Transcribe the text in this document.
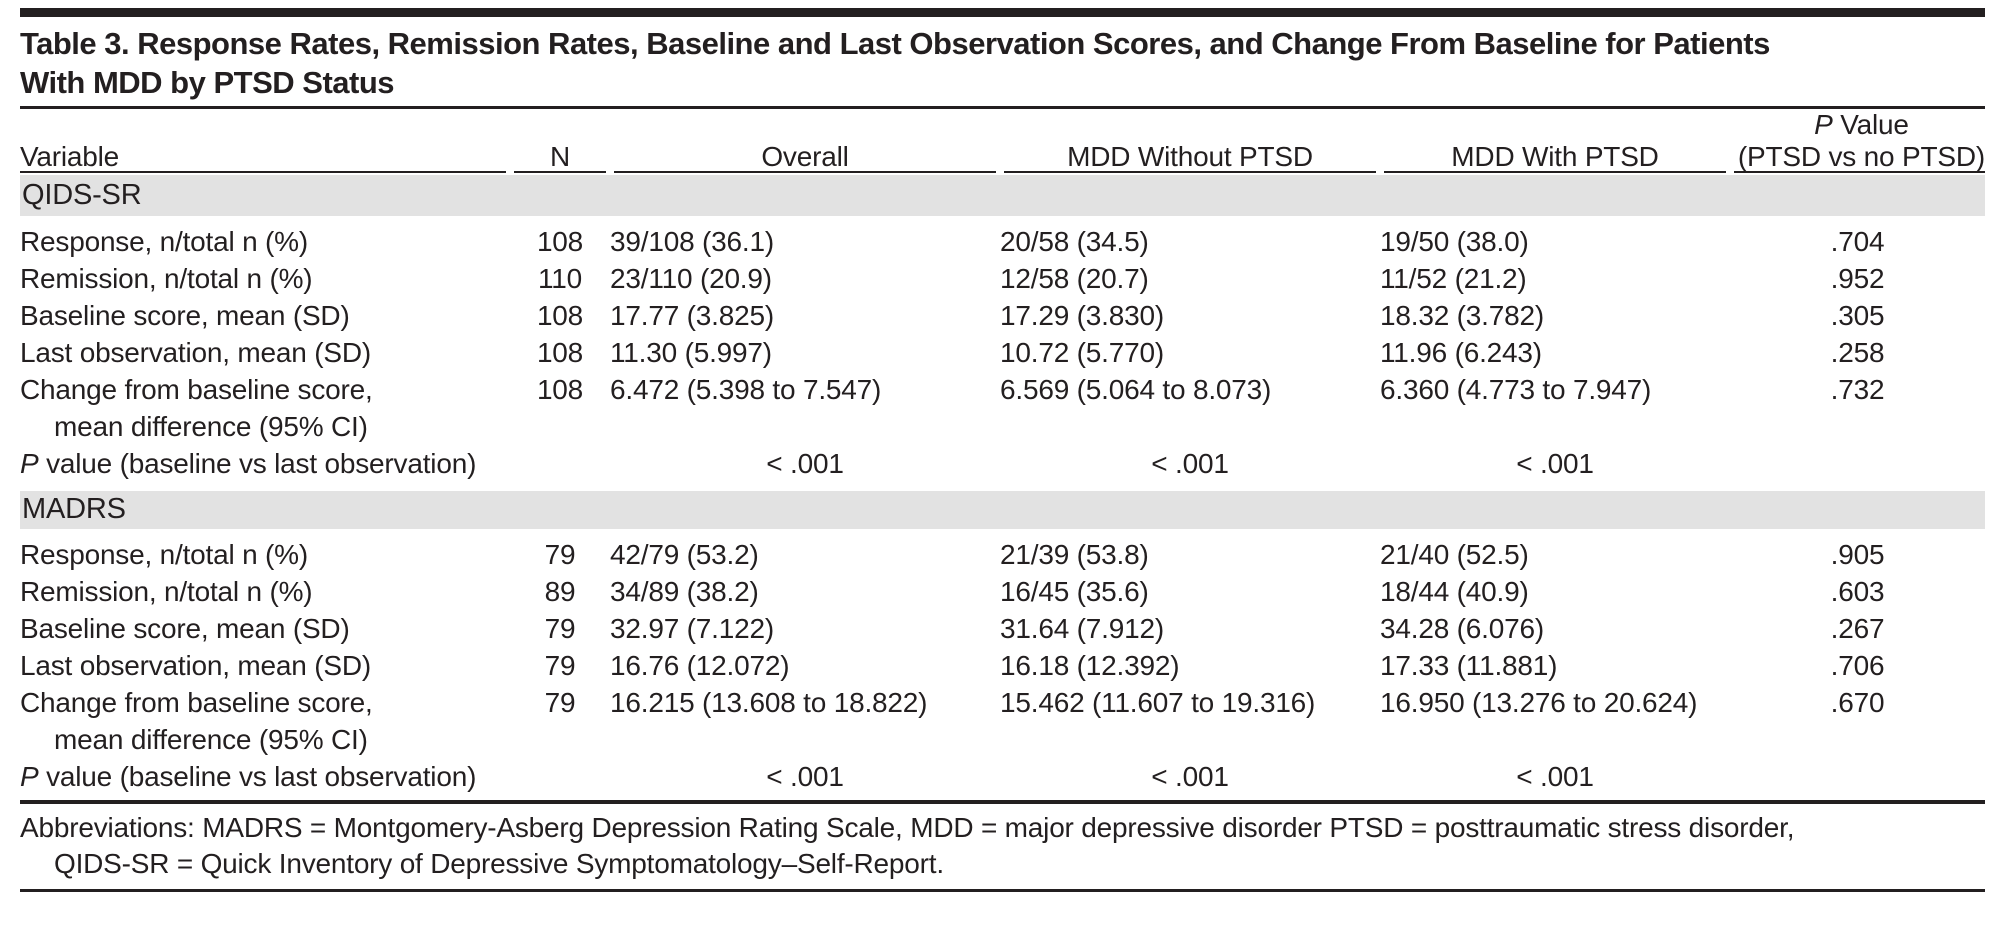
Table 3. Response Rates, Remission Rates, Baseline and Last Observation Scores, and Change From Baseline for Patients
With MDD by PTSD Status
Variable	N	Overall	MDD Without PTSD	MDD With PTSD	P Value
(PTSD vs no PTSD)

QIDS-SR					
Response, n/total n (%)	108	39/108 (36.1)	20/58 (34.5)	19/50 (38.0)	.704
Remission, n/total n (%)	110	23/110 (20.9)	12/58 (20.7)	11/52 (21.2)	.952
Baseline score, mean (SD)	108	17.77 (3.825)	17.29 (3.830)	18.32 (3.782)	.305
Last observation, mean (SD)	108	11.30 (5.997)	10.72 (5.770)	11.96 (6.243)	.258

Change from baseline score,
mean difference (95% CI)	108	6.472 (5.398 to 7.547)	6.569 (5.064 to 8.073)	6.360 (4.773 to 7.947)	.732
P value (baseline vs last observation)		< .001	< .001	< .001	
MADRS					
Response, n/total n (%)	79	42/79 (53.2)	21/39 (53.8)	21/40 (52.5)	.905
Remission, n/total n (%)	89	34/89 (38.2)	16/45 (35.6)	18/44 (40.9)	.603
Baseline score, mean (SD)	79	32.97 (7.122)	31.64 (7.912)	34.28 (6.076)	.267
Last observation, mean (SD)	79	16.76 (12.072)	16.18 (12.392)	17.33 (11.881)	.706

Change from baseline score,
mean difference (95% CI)	79	16.215 (13.608 to 18.822)	15.462 (11.607 to 19.316)	16.950 (13.276 to 20.624)	.670
P value (baseline vs last observation)		< .001	< .001	< .001	
Abbreviations: MADRS = Montgomery-Asberg Depression Rating Scale, MDD = major depressive disorder PTSD = posttraumatic stress disorder,
QIDS-SR = Quick Inventory of Depressive Symptomatology–Self-Report.
